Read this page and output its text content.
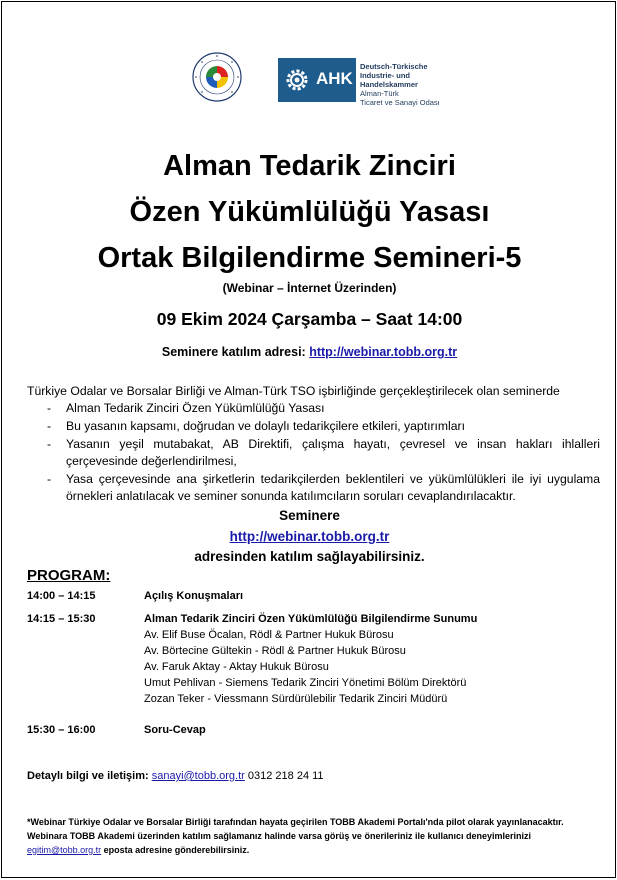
AHK
Deutsch-Türkische
Industrie- und Handelskammer
Alman-Türk
Ticaret ve Sanayi Odası
Alman Tedarik Zinciri
Özen Yükümlülüğü Yasası
Ortak Bilgilendirme Semineri-5
(Webinar – İnternet Üzerinden)
09 Ekim 2024 Çarşamba – Saat 14:00
Seminere katılım adresi: http://webinar.tobb.org.tr
Türkiye Odalar ve Borsalar Birliği ve Alman-Türk TSO işbirliğinde gerçekleştirilecek olan seminerde
- Alman Tedarik Zinciri Özen Yükümlülüğü Yasası
- Bu yasanın kapsamı, doğrudan ve dolaylı tedarikçilere etkileri, yaptırımları
- Yasanın yeşil mutabakat, AB Direktifi, çalışma hayatı, çevresel ve insan hakları ihlalleri çerçevesinde değerlendirilmesi,
- Yasa çerçevesinde ana şirketlerin tedarikçilerden beklentileri ve yükümlülükleri ile iyi uygulama örnekleri anlatılacak ve seminer sonunda katılımcıların soruları cevaplandırılacaktır.
Seminere
http://webinar.tobb.org.tr
adresinden katılım sağlayabilirsiniz.
PROGRAM:
14:00 – 14:15	Açılış Konuşmaları
14:15 – 15:30	Alman Tedarik Zinciri Özen Yükümlülüğü Bilgilendirme Sunumu
Av. Elif Buse Öcalan, Rödl & Partner Hukuk Bürosu
Av. Börtecine Gültekin - Rödl & Partner Hukuk Bürosu
Av. Faruk Aktay - Aktay Hukuk Bürosu
Umut Pehlivan - Siemens Tedarik Zinciri Yönetimi Bölüm Direktörü
Zozan Teker - Viessmann Sürdürülebilir Tedarik Zinciri Müdürü
15:30 – 16:00	Soru-Cevap
Detaylı bilgi ve iletişim: sanayi@tobb.org.tr 0312 218 24 11
*Webinar Türkiye Odalar ve Borsalar Birliği tarafından hayata geçirilen TOBB Akademi Portalı'nda pilot olarak yayınlanacaktır.
Webinara TOBB Akademi üzerinden katılım sağlamanız halinde varsa görüş ve önerileriniz ile kullanıcı deneyimlerinizi
egitim@tobb.org.tr eposta adresine gönderebilirsiniz.
